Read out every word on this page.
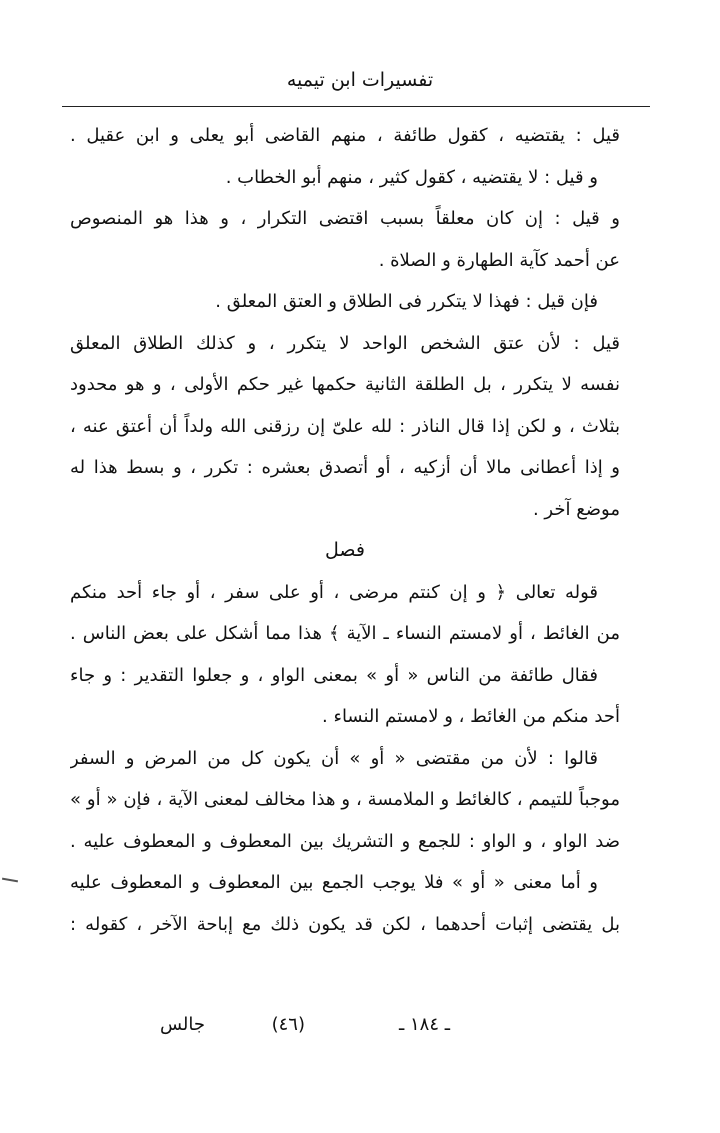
تفسيرات ابن تيميه
قيل : يقتضيه ، كقول طائفة ، منهم القاضى أبو يعلى و ابن عقيل .
و قيل : لا يقتضيه ، كقول كثير ، منهم أبو الخطاب .
و قيل : إن كان معلقاً بسبب اقتضى التكرار ، و هذا هو المنصوص
عن أحمد كآية الطهارة و الصلاة .
فإن قيل : فهذا لا يتكرر فى الطلاق و العتق المعلق .
قيل : لأن عتق الشخص الواحد لا يتكرر ، و كذلك الطلاق المعلق
نفسه لا يتكرر ، بل الطلقة الثانية حكمها غير حكم الأولى ، و هو محدود
بثلاث ، و لكن إذا قال الناذر : لله علىّ إن رزقنى الله ولداً أن أعتق عنه ،
و إذا أعطانى مالا أن أزكيه ، أو أتصدق بعشره : تكرر ، و بسط هذا له
موضع آخر .
فصل
قوله تعالى ﴿ و إن كنتم مرضى ، أو على سفر ، أو جاء أحد منكم
من الغائط ، أو لامستم النساء ـ الآية ﴾ هذا مما أشكل على بعض الناس .
فقال طائفة من الناس « أو » بمعنى الواو ، و جعلوا التقدير : و جاء
أحد منكم من الغائط ، و لامستم النساء .
قالوا : لأن من مقتضى « أو » أن يكون كل من المرض و السفر
موجباً للتيمم ، كالغائط و الملامسة ، و هذا مخالف لمعنى الآية ، فإن « أو »
ضد الواو ، و الواو : للجمع و التشريك بين المعطوف و المعطوف عليه .
و أما معنى « أو » فلا يوجب الجمع بين المعطوف و المعطوف عليه
بل يقتضى إثبات أحدهما ، لكن قد يكون ذلك مع إباحة الآخر ، كقوله :
ـ ١٨٤ ـ
(٤٦)
جالس
